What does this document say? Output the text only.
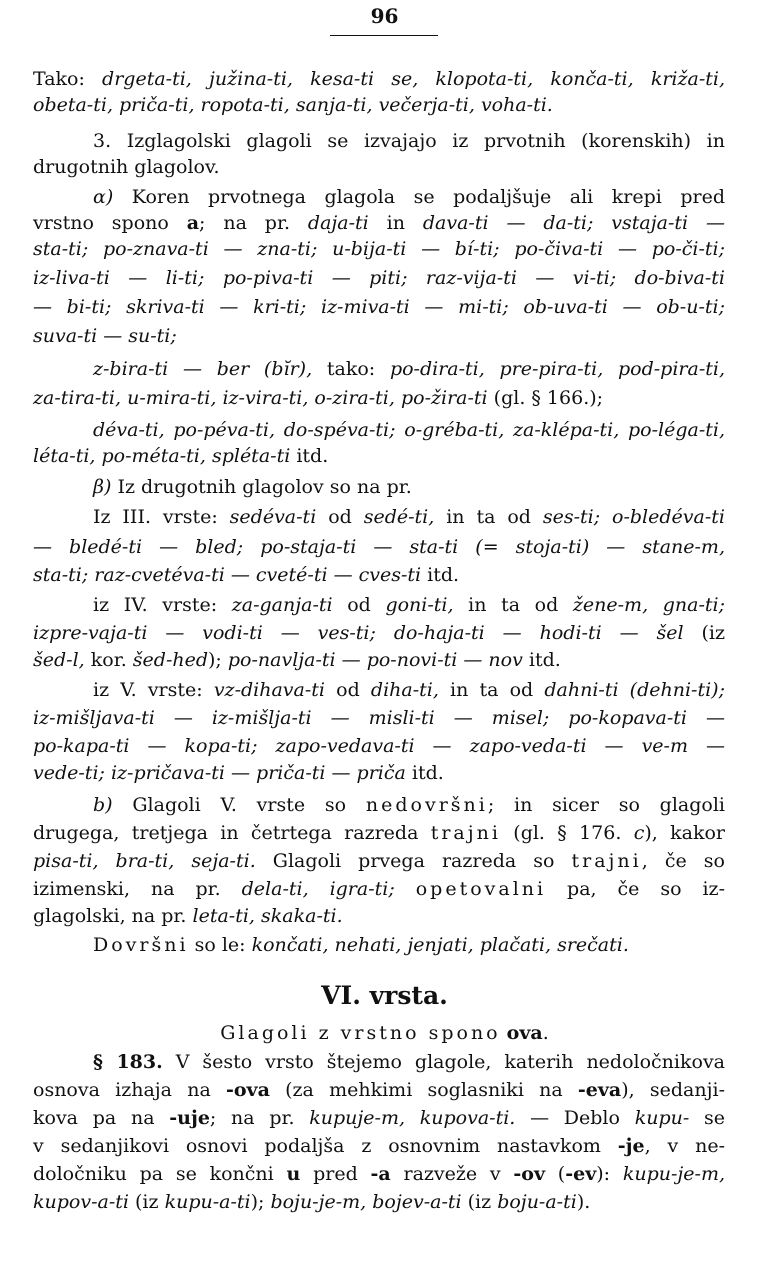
96
Tako: drgeta-ti, južina-ti, kesa-ti se, klopota-ti, konča-ti, križa-ti,
obeta-ti, priča-ti, ropota-ti, sanja-ti, večerja-ti, voha-ti.
3. Izglagolski glagoli se izvajajo iz prvotnih (korenskih) in
drugotnih glagolov.
α) Koren prvotnega glagola se podaljšuje ali krepi pred
vrstno spono a; na pr. daja-ti in dava-ti — da-ti; vstaja-ti —
sta-ti; po-znava-ti — zna-ti; u-bija-ti — bí-ti; po-čiva-ti — po-či-ti;
iz-liva-ti — li-ti; po-piva-ti — piti; raz-vija-ti — vi-ti; do-biva-ti
— bi-ti; skriva-ti — kri-ti; iz-miva-ti — mi-ti; ob-uva-ti — ob-u-ti;
suva-ti — su-ti;
z-bira-ti — ber (bĭr), tako: po-dira-ti, pre-pira-ti, pod-pira-ti,
za-tira-ti, u-mira-ti, iz-vira-ti, o-zira-ti, po-žira-ti (gl. § 166.);
déva-ti, po-péva-ti, do-spéva-ti; o-gréba-ti, za-klépa-ti, po-léga-ti,
léta-ti, po-méta-ti, spléta-ti itd.
β) Iz drugotnih glagolov so na pr.
Iz III. vrste: sedéva-ti od sedé-ti, in ta od ses-ti; o-bledéva-ti
— bledé-ti — bled; po-staja-ti — sta-ti (= stoja-ti) — stane-m,
sta-ti; raz-cvetéva-ti — cveté-ti — cves-ti itd.
iz IV. vrste: za-ganja-ti od goni-ti, in ta od žene-m, gna-ti;
izpre-vaja-ti — vodi-ti — ves-ti; do-haja-ti — hodi-ti — šel (iz
šed-l, kor. šed-hed); po-navlja-ti — po-novi-ti — nov itd.
iz V. vrste: vz-dihava-ti od diha-ti, in ta od dahni-ti (dehni-ti);
iz-mišljava-ti — iz-mišlja-ti — misli-ti — misel; po-kopava-ti —
po-kapa-ti — kopa-ti; zapo-vedava-ti — zapo-veda-ti — ve-m —
vede-ti; iz-pričava-ti — priča-ti — priča itd.
b) Glagoli V. vrste so nedovršni; in sicer so glagoli
drugega, tretjega in četrtega razreda trajni (gl. § 176. c), kakor
pisa-ti, bra-ti, seja-ti. Glagoli prvega razreda so trajni, če so
izimenski, na pr. dela-ti, igra-ti; opetovalni pa, če so iz-
glagolski, na pr. leta-ti, skaka-ti.
Dovršni so le: končati, nehati, jenjati, plačati, srečati.
VI. vrsta.
Glagoli z vrstno spono ova.
§ 183. V šesto vrsto štejemo glagole, katerih nedoločnikova
osnova izhaja na -ova (za mehkimi soglasniki na -eva), sedanji-
kova pa na -uje; na pr. kupuje-m, kupova-ti. — Deblo kupu- se
v sedanjikovi osnovi podaljša z osnovnim nastavkom -je, v ne-
določniku pa se končni u pred -a razveže v -ov (-ev): kupu-je-m,
kupov-a-ti (iz kupu-a-ti); boju-je-m, bojev-a-ti (iz boju-a-ti).
